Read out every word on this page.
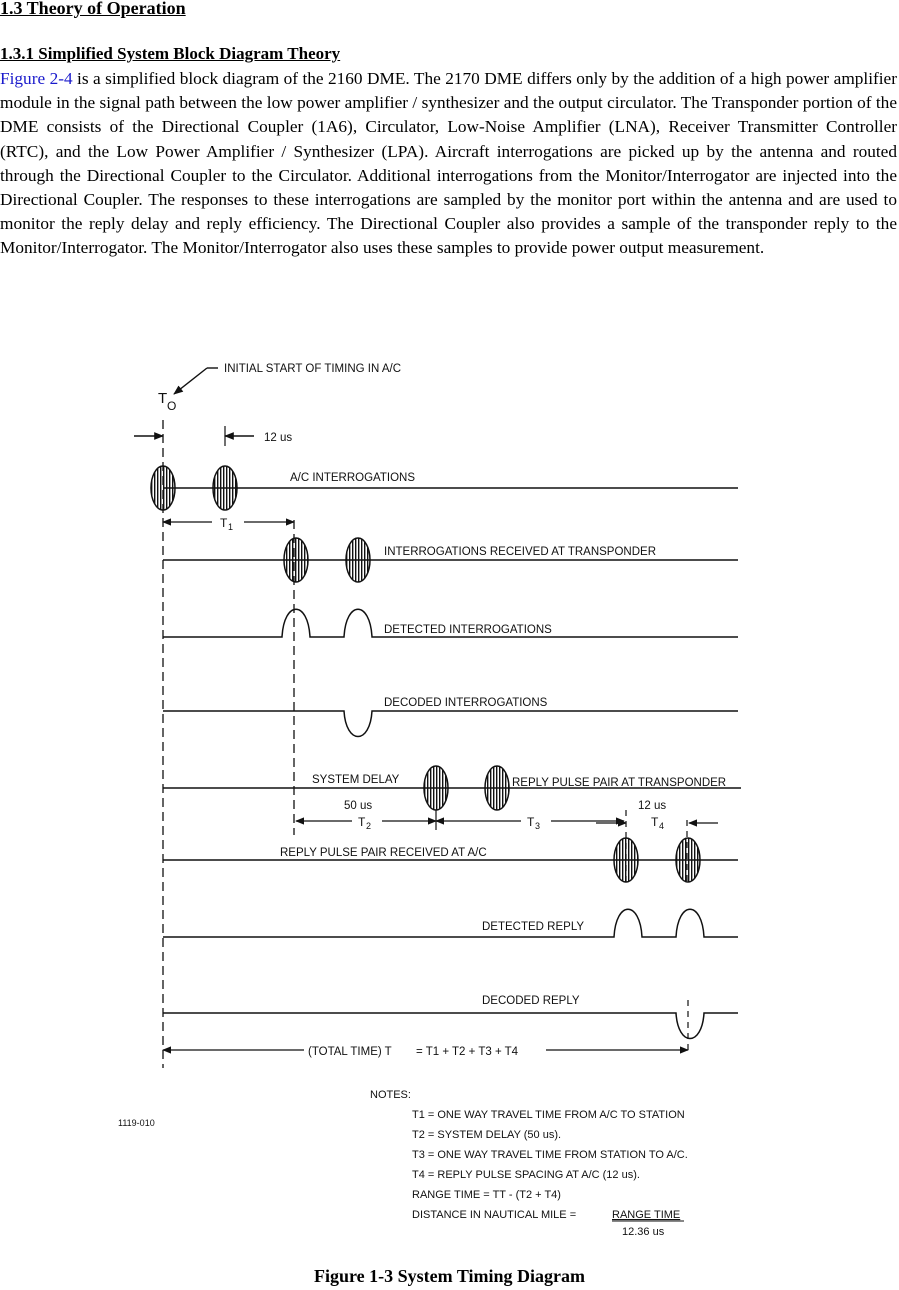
1.3 Theory of Operation
1.3.1 Simplified System Block Diagram Theory

Figure 2-4 is a simplified block diagram of the 2160 DME. The 2170 DME differs only by the addition of a high power amplifier module in the signal path between the low power amplifier / synthesizer and the output circulator. The Transponder portion of the DME consists of the Directional Coupler (1A6), Circulator, Low-Noise Amplifier (LNA), Receiver Transmitter Controller (RTC), and the Low Power Amplifier / Synthesizer (LPA). Aircraft interrogations are picked up by the antenna and routed through the Directional Coupler to the Circulator. Additional interrogations from the Monitor/Interrogator are injected into the Directional Coupler. The responses to these interrogations are sampled by the monitor port within the antenna and are used to monitor the reply delay and reply efficiency. The Directional Coupler also provides a sample of the transponder reply to the Monitor/Interrogator. The Monitor/Interrogator also uses these samples to provide power output measurement.

T O
INITIAL START OF TIMING IN A/C
12 us
A/C INTERROGATIONS
T 1
INTERROGATIONS RECEIVED AT TRANSPONDER
DETECTED INTERROGATIONS
DECODED INTERROGATIONS
SYSTEM DELAY	REPLY PULSE PAIR AT TRANSPONDER
50 us
T 2	T 3
12 us
T 4
REPLY PULSE PAIR RECEIVED AT A/C
DETECTED REPLY
DECODED REPLY
(TOTAL TIME) T = T1 + T2 + T3 + T4
1119-010
NOTES:
T1 = ONE WAY TRAVEL TIME FROM A/C TO STATION
T2 = SYSTEM DELAY (50 us).
T3 = ONE WAY TRAVEL TIME FROM STATION TO A/C.
T4 = REPLY PULSE SPACING AT A/C (12 us).
RANGE TIME = TT - (T2 + T4)
DISTANCE IN NAUTICAL MILE =	RANGE TIME
12.36 us

Figure 1-3 System Timing Diagram
